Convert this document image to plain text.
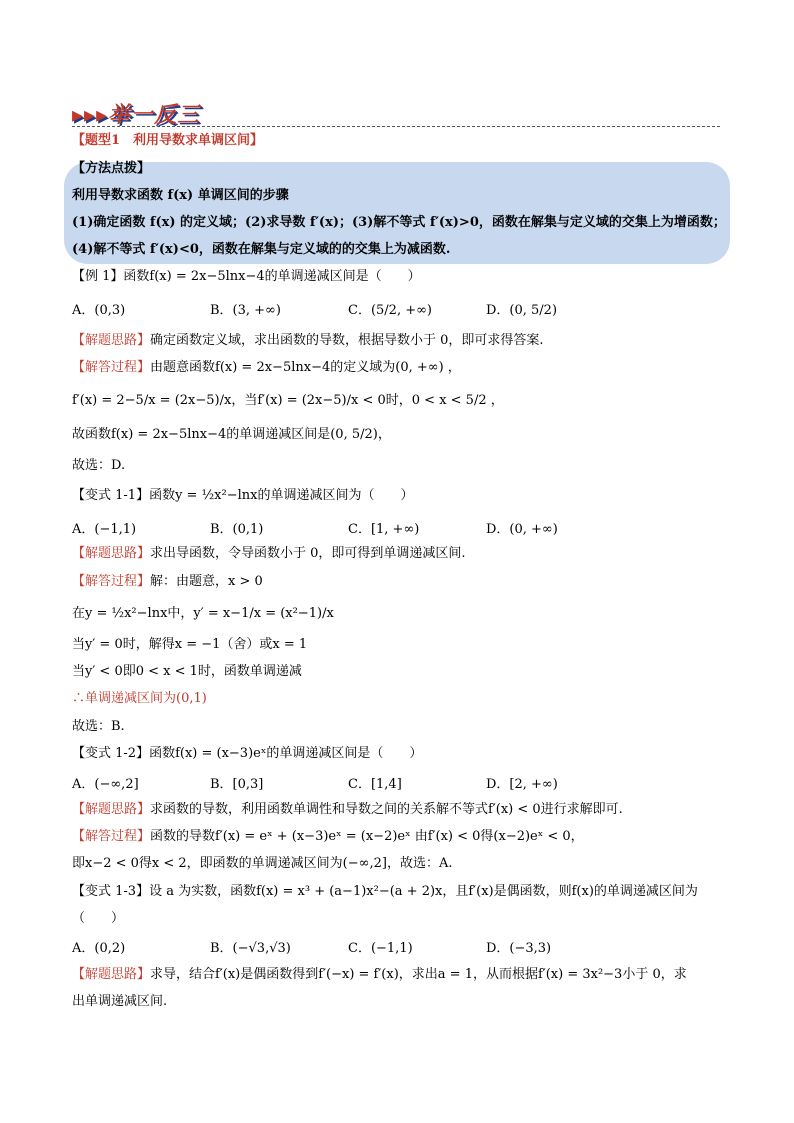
▸▸▸举一反三
【题型1　利用导数求单调区间】
【方法点拨】
利用导数求函数 f(x) 单调区间的步骤
(1)确定函数 f(x) 的定义域；(2)求导数 f′(x)；(3)解不等式 f′(x)>0，函数在解集与定义域的交集上为增函数；
(4)解不等式 f′(x)<0，函数在解集与定义域的的交集上为减函数.
【例 1】函数f(x) = 2x−5lnx−4的单调递减区间是（　　）
A．(0,3)	B．(3, +∞)	C．(5/2, +∞)	D．(0, 5/2)
【解题思路】确定函数定义域，求出函数的导数，根据导数小于 0，即可求得答案.
【解答过程】由题意函数f(x) = 2x−5lnx−4的定义域为(0, +∞) ，
f′(x) = 2−5/x = (2x−5)/x，当f′(x) = (2x−5)/x < 0时，0 < x < 5/2 ，
故函数f(x) = 2x−5lnx−4的单调递减区间是(0, 5/2)，
故选：D.
【变式 1-1】函数y = ½x²−lnx的单调递减区间为（　　）
A．(−1,1)	B．(0,1)	C．[1, +∞)	D．(0, +∞)
【解题思路】求出导函数，令导函数小于 0，即可得到单调递减区间.
【解答过程】解：由题意，x > 0
在y = ½x²−lnx中，y′ = x−1/x = (x²−1)/x
当y′ = 0时，解得x = −1（舍）或x = 1
当y′ < 0即0 < x < 1时，函数单调递减
∴单调递减区间为(0,1)
故选：B.
【变式 1-2】函数f(x) = (x−3)eˣ的单调递减区间是（　　）
A．(−∞,2]	B．[0,3]	C．[1,4]	D．[2, +∞)
【解题思路】求函数的导数，利用函数单调性和导数之间的关系解不等式f′(x) < 0进行求解即可.
【解答过程】函数的导数f′(x) = eˣ + (x−3)eˣ = (x−2)eˣ 由f′(x) < 0得(x−2)eˣ < 0，
即x−2 < 0得x < 2，即函数的单调递减区间为(−∞,2]，故选：A.
【变式 1-3】设 a 为实数，函数f(x) = x³ + (a−1)x²−(a + 2)x，且f′(x)是偶函数，则f(x)的单调递减区间为
（　　）
A．(0,2)	B．(−√3,√3)	C．(−1,1)	D．(−3,3)
【解题思路】求导，结合f′(x)是偶函数得到f′(−x) = f′(x)，求出a = 1，从而根据f′(x) = 3x²−3小于 0，求
出单调递减区间.
